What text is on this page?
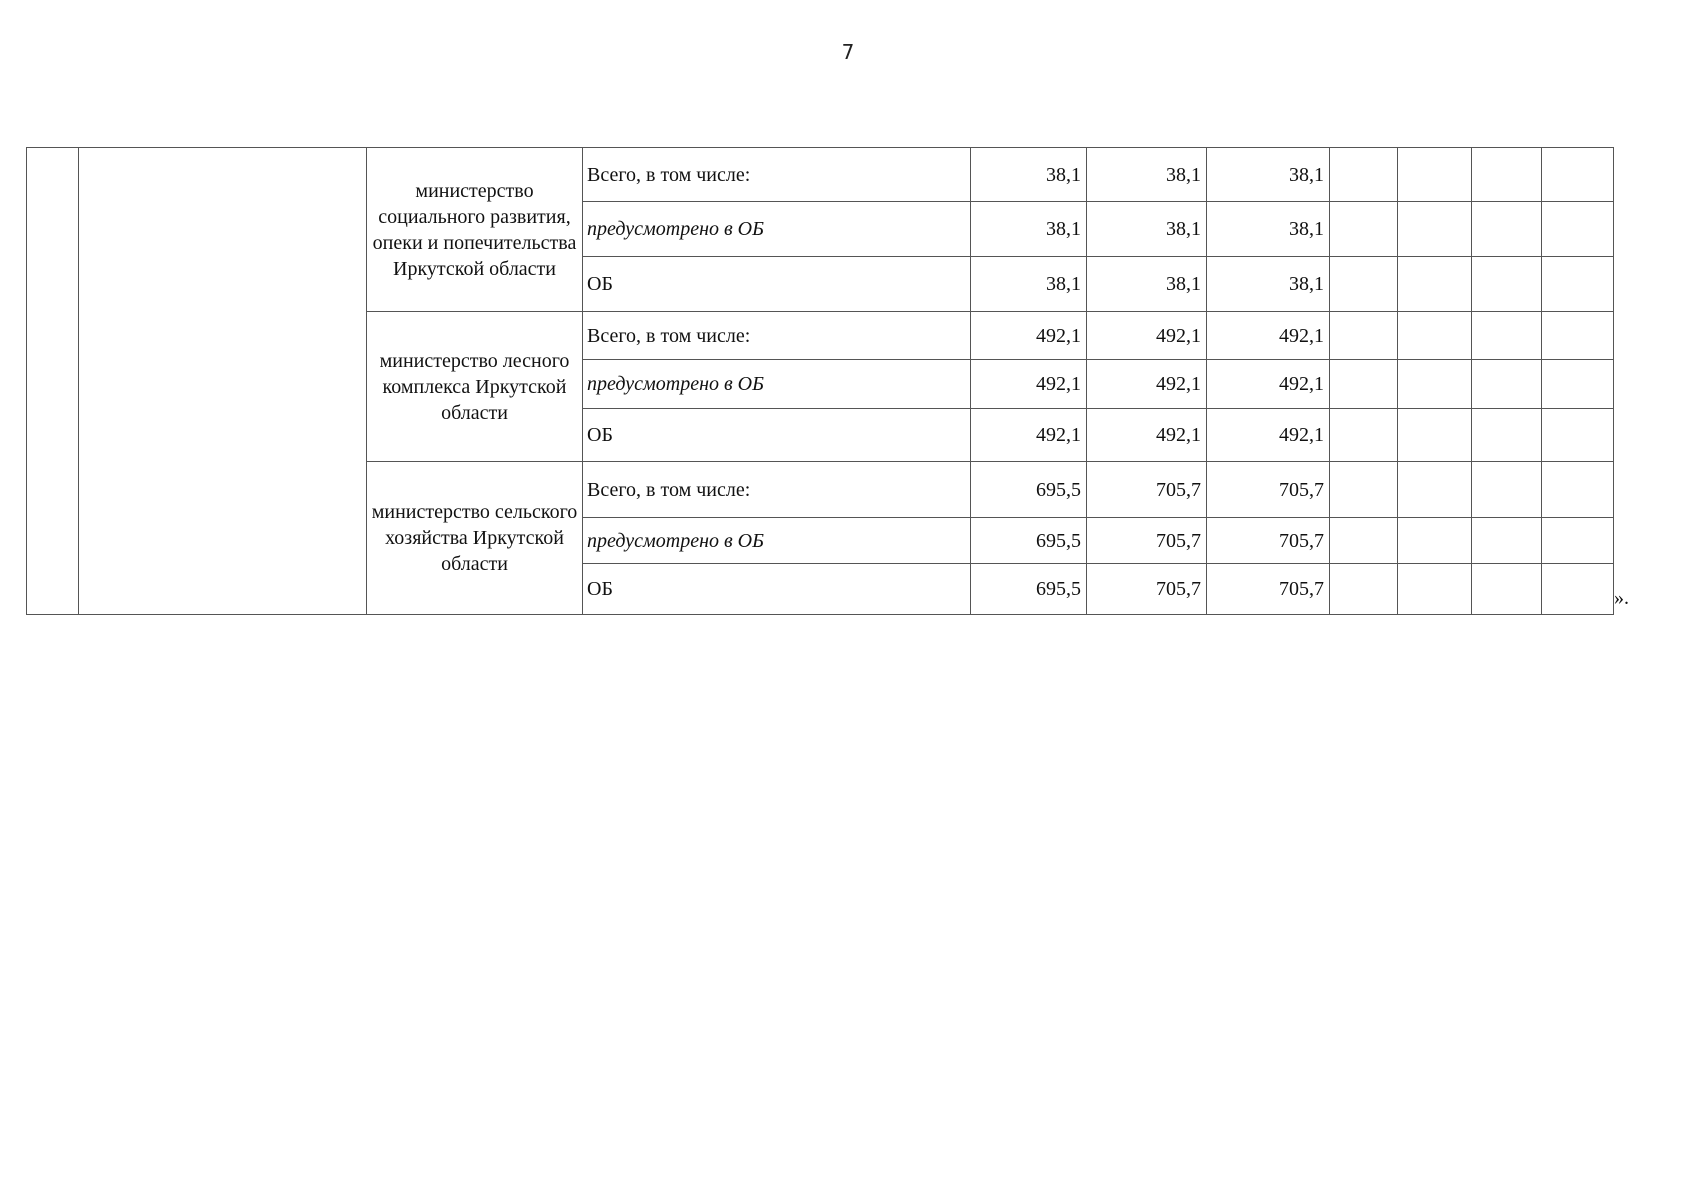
7
		министерство социального развития, опеки и попечительства Иркутской области	Всего, в том числе:	38,1	38,1	38,1				
			предусмотрено в ОБ	38,1	38,1	38,1				
			ОБ	38,1	38,1	38,1				
		министерство лесного комплекса Иркутской области	Всего, в том числе:	492,1	492,1	492,1				
			предусмотрено в ОБ	492,1	492,1	492,1				
			ОБ	492,1	492,1	492,1				
		министерство сельского хозяйства Иркутской области	Всего, в том числе:	695,5	705,7	705,7				
			предусмотрено в ОБ	695,5	705,7	705,7				
			ОБ	695,5	705,7	705,7					».
